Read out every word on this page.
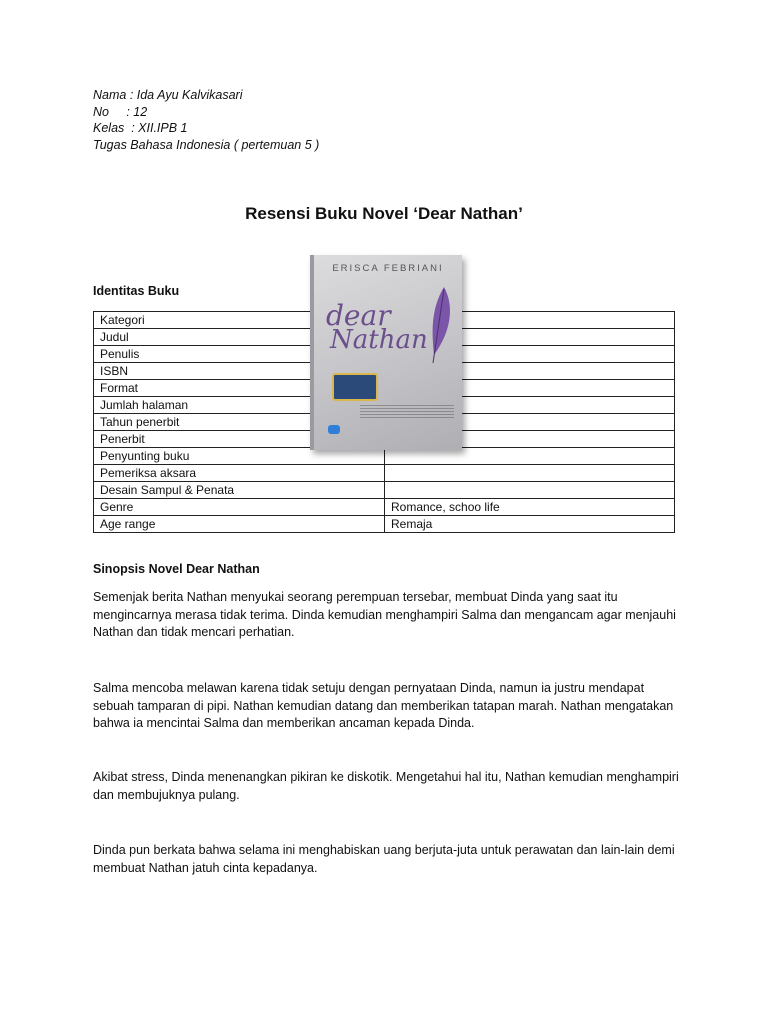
Nama : Ida Ayu Kalvikasari
No     : 12
Kelas  : XII.IPB 1
Tugas Bahasa Indonesia ( pertemuan 5 )
Resensi Buku Novel ‘Dear Nathan’
Identitas Buku
Kategori	
Judul	
Penulis	
ISBN	
Format	
Jumlah halaman	
Tahun penerbit	
Penerbit	
Penyunting buku	
Pemeriksa aksara	
Desain Sampul & Penata	
Genre	Romance, schoo life
Age range	Remaja
ERISCA FEBRIANI
dear
Nathan
Sinopsis Novel Dear Nathan
Semenjak berita Nathan menyukai seorang perempuan tersebar, membuat Dinda yang saat itu mengincarnya merasa tidak terima. Dinda kemudian menghampiri Salma dan mengancam agar menjauhi Nathan dan tidak mencari perhatian.
Salma mencoba melawan karena tidak setuju dengan pernyataan Dinda, namun ia justru mendapat sebuah tamparan di pipi. Nathan kemudian datang dan memberikan tatapan marah. Nathan mengatakan bahwa ia mencintai Salma dan memberikan ancaman kepada Dinda.
Akibat stress, Dinda menenangkan pikiran ke diskotik. Mengetahui hal itu, Nathan kemudian menghampiri dan membujuknya pulang.
Dinda pun berkata bahwa selama ini menghabiskan uang berjuta-juta untuk perawatan dan lain-lain demi membuat Nathan jatuh cinta kepadanya.
